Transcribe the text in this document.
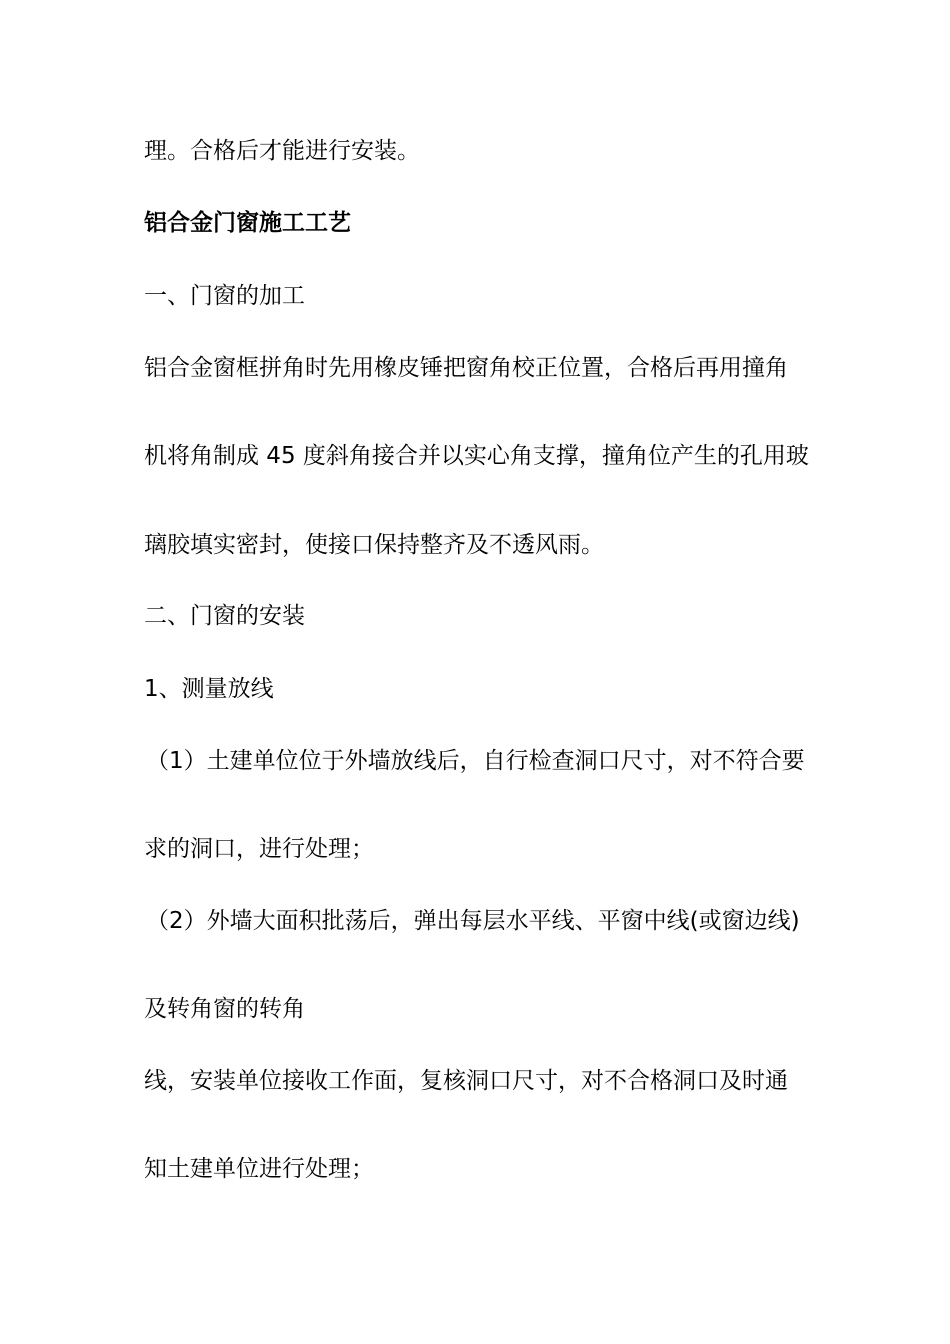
理。合格后才能进行安装。
铝合金门窗施工工艺
一、门窗的加工
铝合金窗框拼角时先用橡皮锤把窗角校正位置，合格后再用撞角
机将角制成 45 度斜角接合并以实心角支撑，撞角位产生的孔用玻
璃胶填实密封，使接口保持整齐及不透风雨。
二、门窗的安装
1、测量放线
（1）土建单位位于外墙放线后，自行检查洞口尺寸，对不符合要
求的洞口，进行处理；
（2）外墙大面积批荡后，弹出每层水平线、平窗中线(或窗边线)
及转角窗的转角
线，安装单位接收工作面，复核洞口尺寸，对不合格洞口及时通
知土建单位进行处理；
